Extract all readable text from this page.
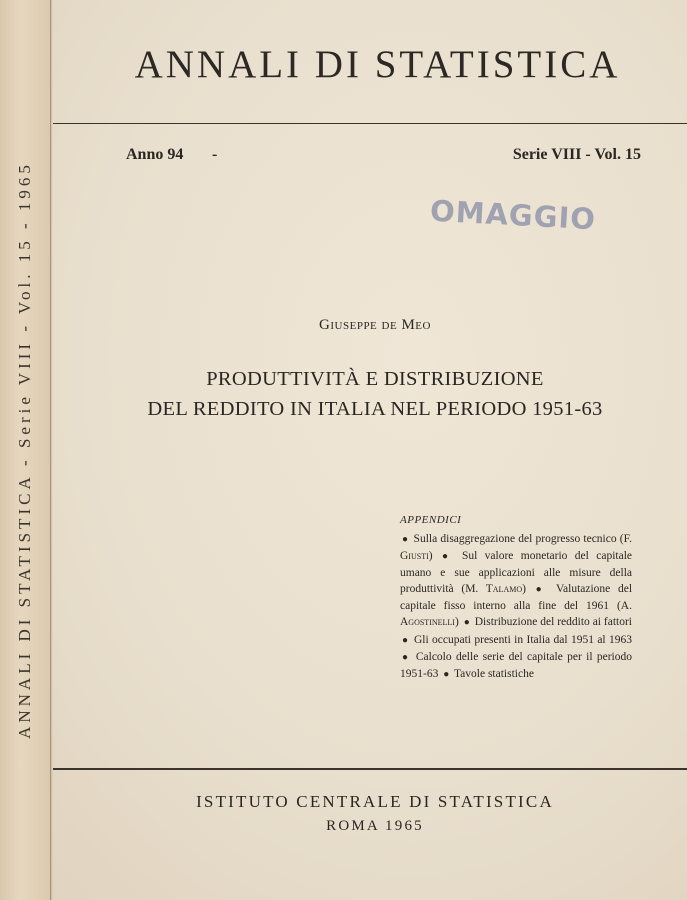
ANNALI DI STATISTICA - Serie VIII - Vol. 15 - 1965
ANNALI DI STATISTICA
Anno 94 -	Serie VIII - Vol. 15
OMAGGIO
Giuseppe de Meo
PRODUTTIVITÀ E DISTRIBUZIONE
DEL REDDITO IN ITALIA NEL PERIODO 1951-63
APPENDICI
● Sulla disaggregazione del progresso tecnico (F. Giusti) ● Sul valore monetario del capitale umano e sue applicazioni alle misure della produttività (M. Talamo) ● Valutazione del capitale fisso interno alla fine del 1961 (A. Agostinelli) ● Distribuzione del reddito ai fattori ● Gli occupati presenti in Italia dal 1951 al 1963 ● Calcolo delle serie del capitale per il periodo 1951-63 ● Tavole statistiche
ISTITUTO CENTRALE DI STATISTICA
ROMA 1965
